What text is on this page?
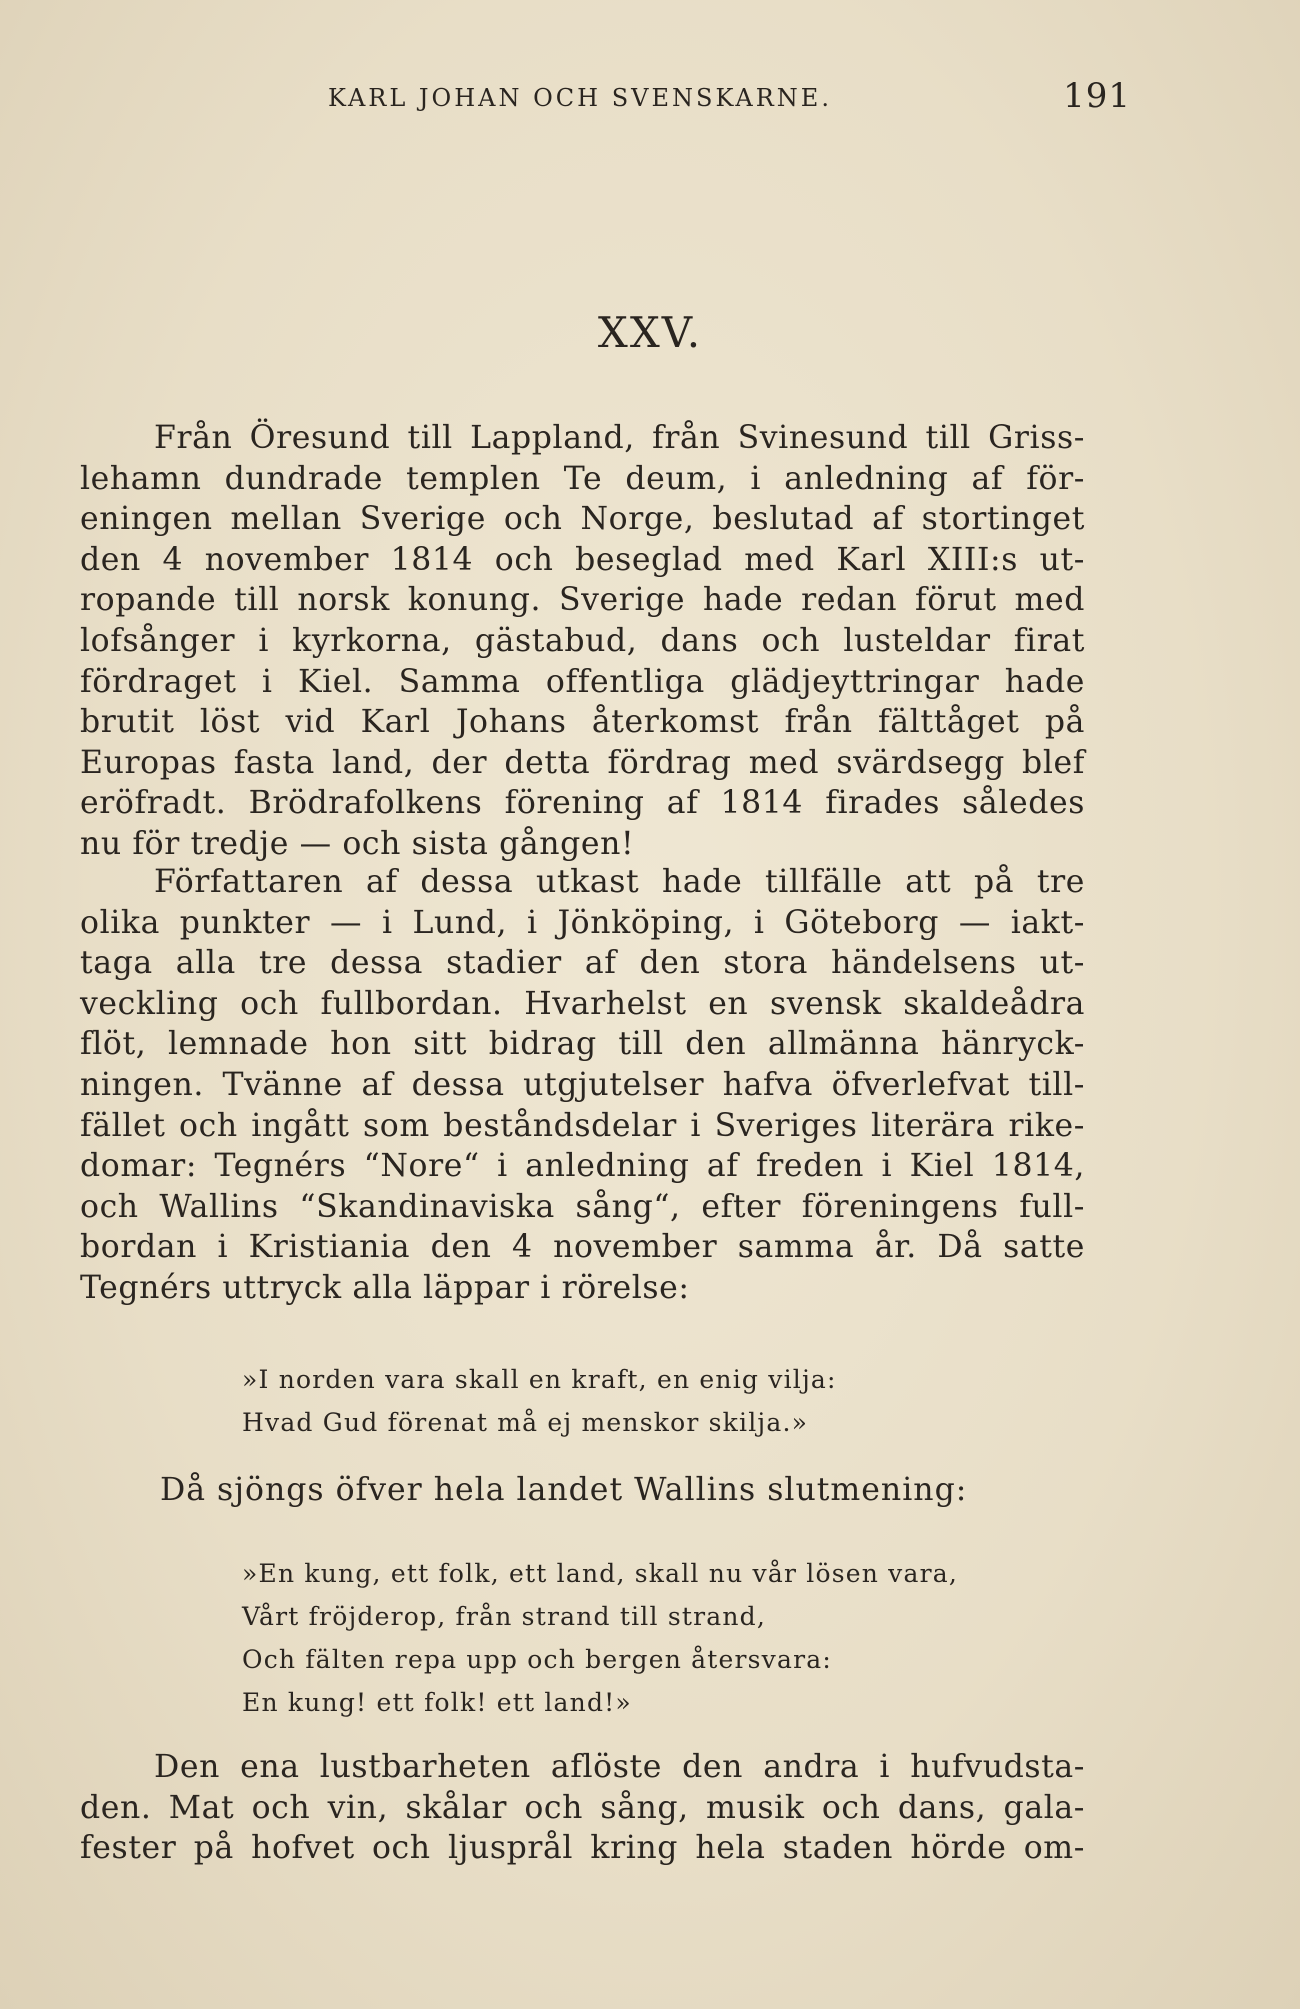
KARL JOHAN OCH SVENSKARNE.	191
XXV.
Från Öresund till Lappland, från Svinesund till Griss-
lehamn dundrade templen Te deum, i anledning af för-
eningen mellan Sverige och Norge, beslutad af stortinget
den 4 november 1814 och beseglad med Karl XIII:s ut-
ropande till norsk konung. Sverige hade redan förut med
lofsånger i kyrkorna, gästabud, dans och lusteldar firat
fördraget i Kiel. Samma offentliga glädjeyttringar hade
brutit löst vid Karl Johans återkomst från fälttåget på
Europas fasta land, der detta fördrag med svärdsegg blef
eröfradt. Brödrafolkens förening af 1814 firades således
nu för tredje — och sista gången!
Författaren af dessa utkast hade tillfälle att på tre
olika punkter — i Lund, i Jönköping, i Göteborg — iakt-
taga alla tre dessa stadier af den stora händelsens ut-
veckling och fullbordan. Hvarhelst en svensk skaldeådra
flöt, lemnade hon sitt bidrag till den allmänna hänryck-
ningen. Tvänne af dessa utgjutelser hafva öfverlefvat till-
fället och ingått som beståndsdelar i Sveriges literära rike-
domar: Tegnérs “Nore“ i anledning af freden i Kiel 1814,
och Wallins “Skandinaviska sång“, efter föreningens full-
bordan i Kristiania den 4 november samma år. Då satte
Tegnérs uttryck alla läppar i rörelse:
»I norden vara skall en kraft, en enig vilja:
Hvad Gud förenat må ej menskor skilja.»
Då sjöngs öfver hela landet Wallins slutmening:
»En kung, ett folk, ett land, skall nu vår lösen vara,
Vårt fröjderop, från strand till strand,
Och fälten repa upp och bergen återsvara:
En kung! ett folk! ett land!»
Den ena lustbarheten aflöste den andra i hufvudsta-
den. Mat och vin, skålar och sång, musik och dans, gala-
fester på hofvet och ljusprål kring hela staden hörde om-
